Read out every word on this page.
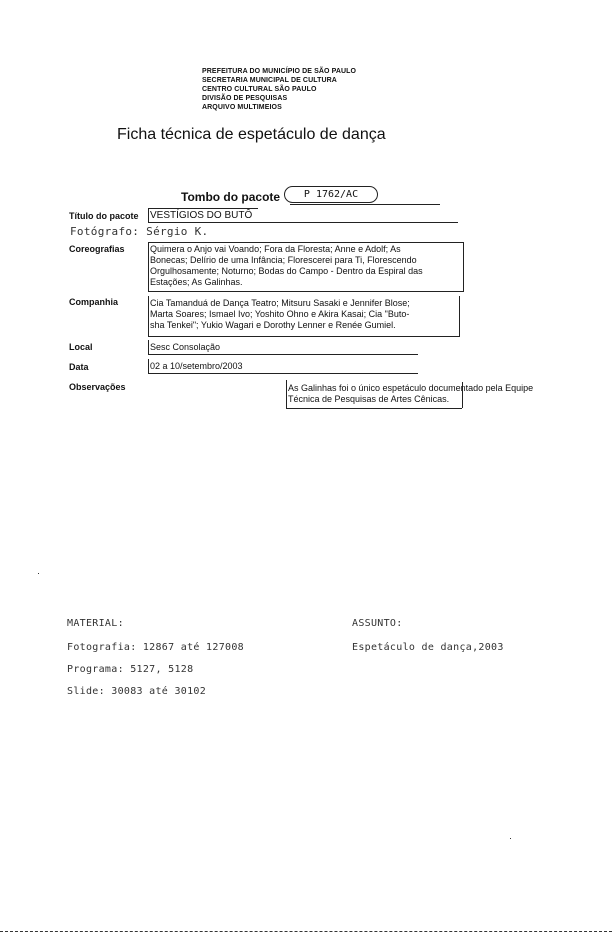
PREFEITURA DO MUNICÍPIO DE SÃO PAULO
SECRETARIA MUNICIPAL DE CULTURA
CENTRO CULTURAL SÃO PAULO
DIVISÃO DE PESQUISAS
ARQUIVO MULTIMEIOS
Ficha técnica de espetáculo de dança
Tombo do pacote	P 1762/AC
Título do pacote VESTÍGIOS DO BUTÔ
Fotógrafo: Sérgio K.
Coreografias	Quimera o Anjo vai Voando; Fora da Floresta; Anne e Adolf; As
Bonecas; Delírio de uma Infância; Florescerei para Ti, Florescendo
Orgulhosamente; Noturno; Bodas do Campo - Dentro da Espiral das
Estações; As Galinhas.
Companhia	Cia Tamanduá de Dança Teatro; Mitsuru Sasaki e Jennifer Blose;
Marta Soares; Ismael Ivo; Yoshito Ohno e Akira Kasai; Cia "Buto-
sha Tenkei"; Yukio Wagari e Dorothy Lenner e Renée Gumiel.
Local	Sesc Consolação
Data	02 a 10/setembro/2003
Observações	As Galinhas foi o único espetáculo documentado pela Equipe
Técnica de Pesquisas de Artes Cênicas.
MATERIAL:	ASSUNTO:
Fotografia: 12867 até 127008	Espetáculo de dança,2003
Programa: 5127, 5128
Slide: 30083 até 30102
